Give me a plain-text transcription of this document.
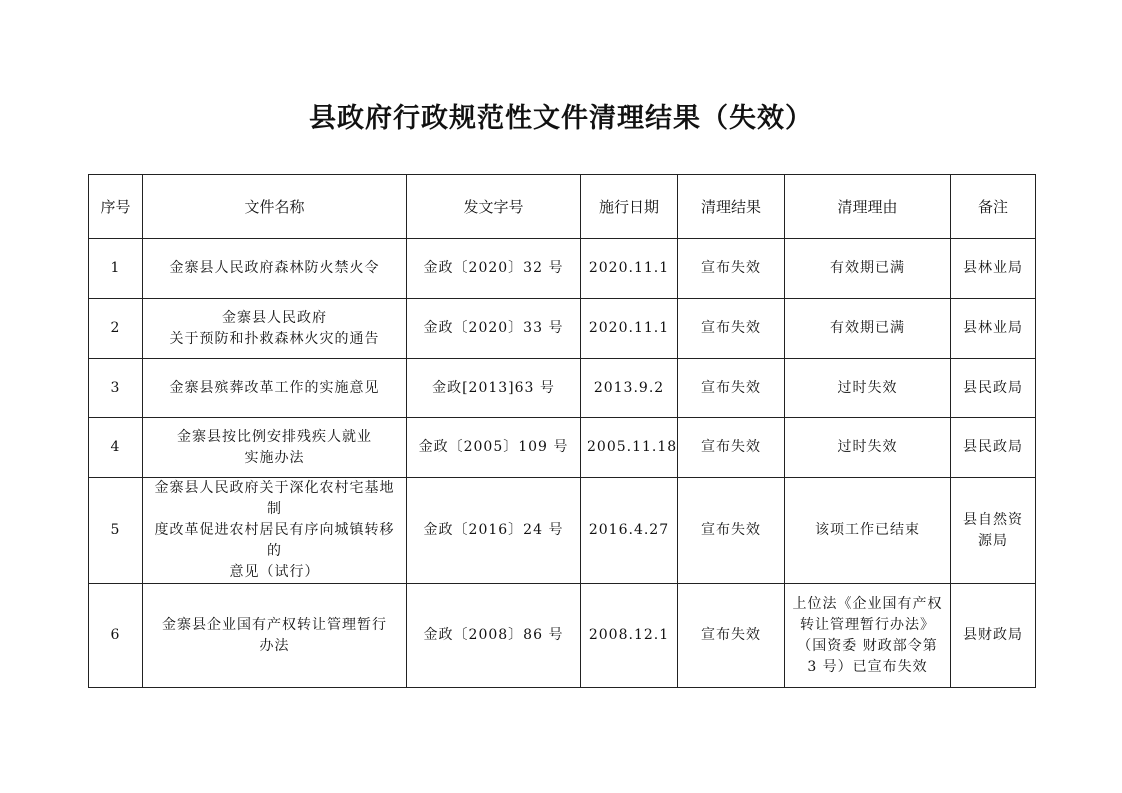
县政府行政规范性文件清理结果（失效）
序号	文件名称	发文字号	施行日期	清理结果	清理理由	备注
1	金寨县人民政府森林防火禁火令	金政〔2020〕32 号	2020.11.1	宣布失效	有效期已满	县林业局
2	金寨县人民政府
关于预防和扑救森林火灾的通告	金政〔2020〕33 号	2020.11.1	宣布失效	有效期已满	县林业局
3	金寨县殡葬改革工作的实施意见	金政[2013]63 号	2013.9.2	宣布失效	过时失效	县民政局
4	金寨县按比例安排残疾人就业
实施办法	金政〔2005〕109 号	2005.11.18	宣布失效	过时失效	县民政局
5	金寨县人民政府关于深化农村宅基地制
度改革促进农村居民有序向城镇转移的
意见（试行）	金政〔2016〕24 号	2016.4.27	宣布失效	该项工作已结束	县自然资
源局
6	金寨县企业国有产权转让管理暂行
办法	金政〔2008〕86 号	2008.12.1	宣布失效	上位法《企业国有产权
转让管理暂行办法》
（国资委 财政部令第
3 号）已宣布失效	县财政局
